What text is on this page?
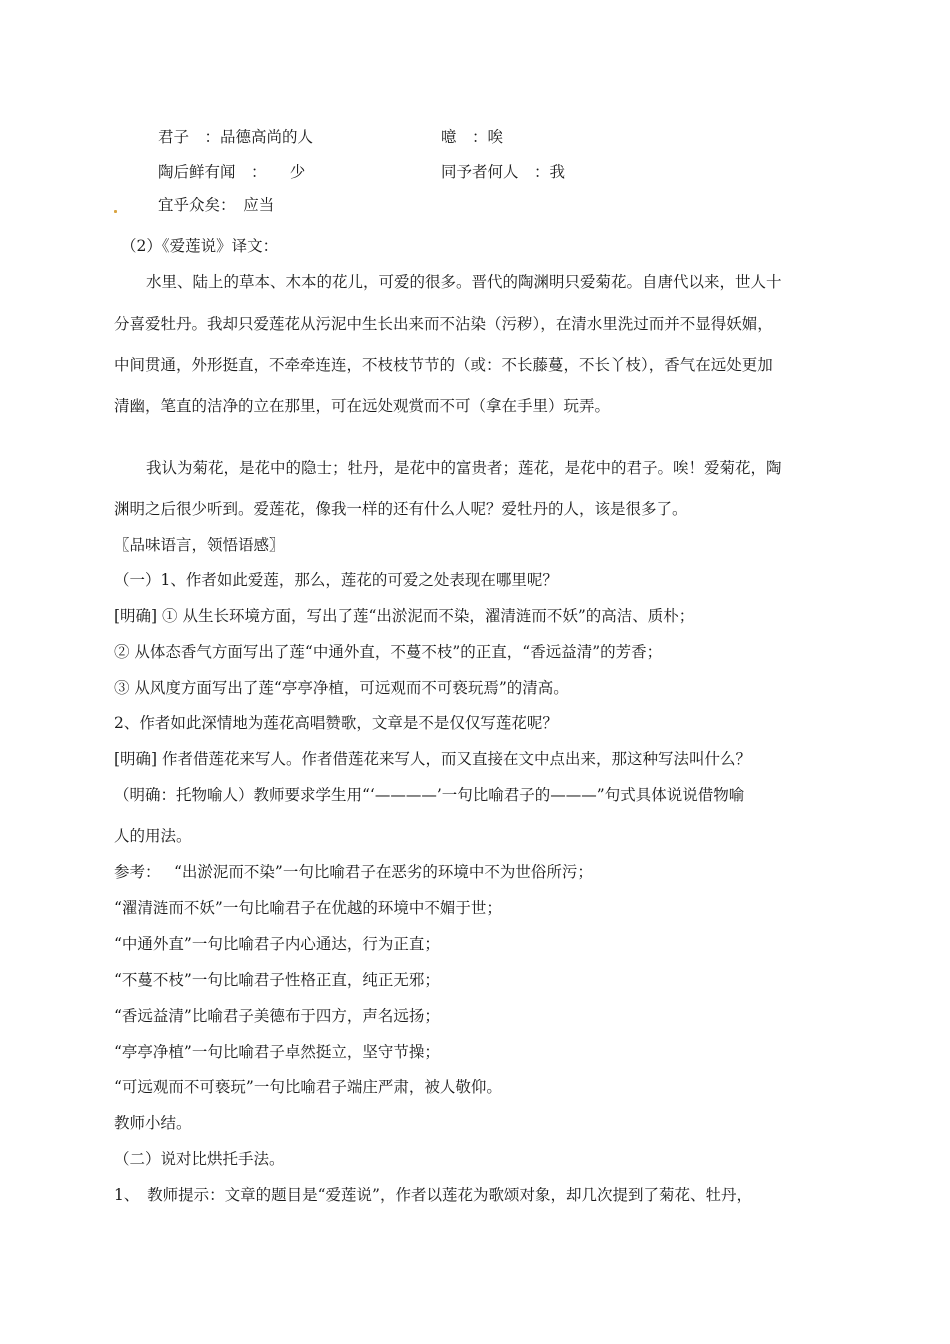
君子　：品德高尚的人	噫　：唉
陶后鲜有闻　：　　少	同予者何人　：我
宜乎众矣：　应当
（2）《爱莲说》译文：
水里、陆上的草本、木本的花儿，可爱的很多。晋代的陶渊明只爱菊花。自唐代以来，世人十
分喜爱牡丹。我却只爱莲花从污泥中生长出来而不沾染（污秽），在清水里洗过而并不显得妖媚，
中间贯通，外形挺直，不牵牵连连，不枝枝节节的（或：不长藤蔓，不长丫枝），香气在远处更加
清幽，笔直的洁净的立在那里，可在远处观赏而不可（拿在手里）玩弄。
我认为菊花，是花中的隐士；牡丹，是花中的富贵者；莲花，是花中的君子。唉！爱菊花，陶
渊明之后很少听到。爱莲花，像我一样的还有什么人呢？爱牡丹的人，该是很多了。
〖品味语言，领悟语感〗
（一）1、作者如此爱莲，那么，莲花的可爱之处表现在哪里呢？
[明确] ① 从生长环境方面，写出了莲“出淤泥而不染，濯清涟而不妖”的高洁、质朴；
② 从体态香气方面写出了莲“中通外直，不蔓不枝”的正直，“香远益清”的芳香；
③ 从风度方面写出了莲“亭亭净植，可远观而不可亵玩焉”的清高。
2、作者如此深情地为莲花高唱赞歌，文章是不是仅仅写莲花呢？
[明确] 作者借莲花来写人。作者借莲花来写人，而又直接在文中点出来，那这种写法叫什么？
（明确：托物喻人）教师要求学生用“‘————’一句比喻君子的———”句式具体说说借物喻
人的用法。
参考： “出淤泥而不染”一句比喻君子在恶劣的环境中不为世俗所污；
“濯清涟而不妖”一句比喻君子在优越的环境中不媚于世；
“中通外直”一句比喻君子内心通达，行为正直；
“不蔓不枝”一句比喻君子性格正直，纯正无邪；
“香远益清”比喻君子美德布于四方，声名远扬；
“亭亭净植”一句比喻君子卓然挺立，坚守节操；
“可远观而不可亵玩”一句比喻君子端庄严肃，被人敬仰。
教师小结。
（二）说对比烘托手法。
1、　教师提示：文章的题目是“爱莲说”，作者以莲花为歌颂对象，却几次提到了菊花、牡丹，
